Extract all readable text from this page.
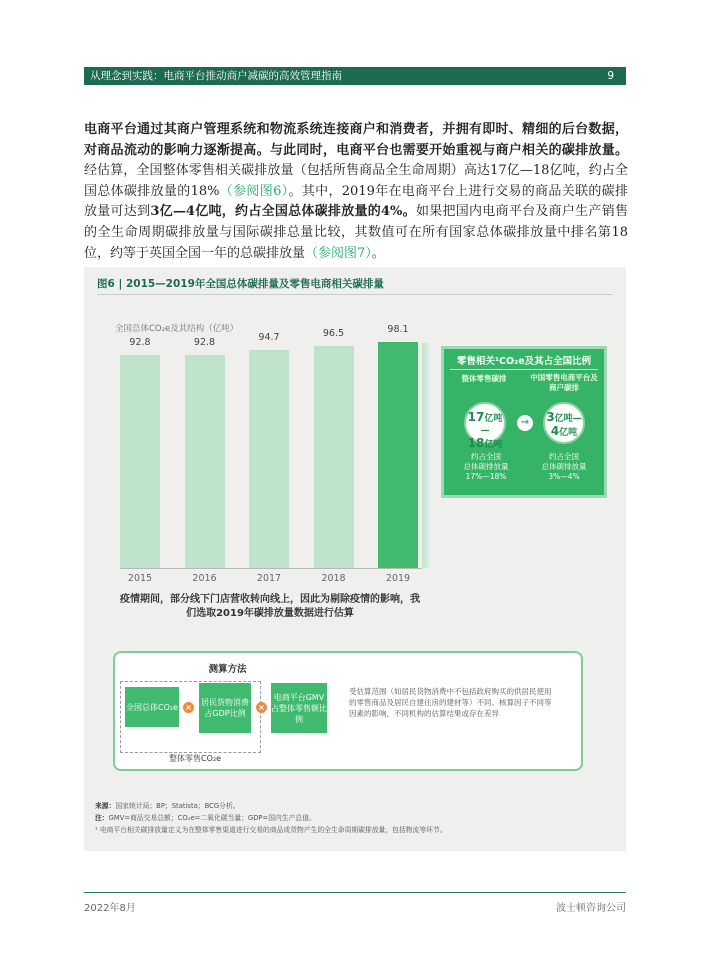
从理念到实践：电商平台推动商户减碳的高效管理指南	9
电商平台通过其商户管理系统和物流系统连接商户和消费者，并拥有即时、精细的后台数据，对商品流动的影响力逐渐提高。与此同时，电商平台也需要开始重视与商户相关的碳排放量。经估算，全国整体零售相关碳排放量（包括所售商品全生命周期）高达17亿—18亿吨，约占全国总体碳排放量的18%（参阅图6）。其中，2019年在电商平台上进行交易的商品关联的碳排放量可达到3亿—4亿吨，约占全国总体碳排放量的4%。如果把国内电商平台及商户生产销售的全生命周期碳排放量与国际碳排总量比较，其数值可在所有国家总体碳排放量中排名第18位，约等于英国全国一年的总碳排放量（参阅图7）。
图6 | 2015—2019年全国总体碳排量及零售电商相关碳排量
全国总体CO₂e及其结构（亿吨）
疫情期间，部分线下门店营收转向线上，因此为剔除疫情的影响，我们选取2019年碳排放量数据进行估算
零售相关¹CO₂e及其占全国比例
整体零售碳排	中国零售电商平台及商户碳排
17亿吨—
18亿吨
→	3亿吨—
4亿吨
约占全国
总体碳排放量
17%—18%
约占全国
总体碳排放量
3%—4%
测算方法
全国总体CO₂e ×
居民货物消费占GDP比例
×
电商平台GMV占整体零售额比例
整体零售CO₂e
受估算范围（如居民货物消费中不包括政府购买的供居民使用的零售商品及居民自建住房的建材等）不同、核算因子不同等因素的影响，不同机构的估算结果或存在差异
来源：国家统计局；BP；Statista；BCG分析。
注：GMV=商品交易总额；CO₂e=二氧化碳当量；GDP=国内生产总值。
¹ 电商平台相关碳排放量定义为在整体零售渠道进行交易的商品或货物产生的全生命周期碳排放量，包括物流等环节。
92.8
2015
92.8
2016
94.7
2017
96.5
2018
98.1
2019
2022年8月	波士顿咨询公司
